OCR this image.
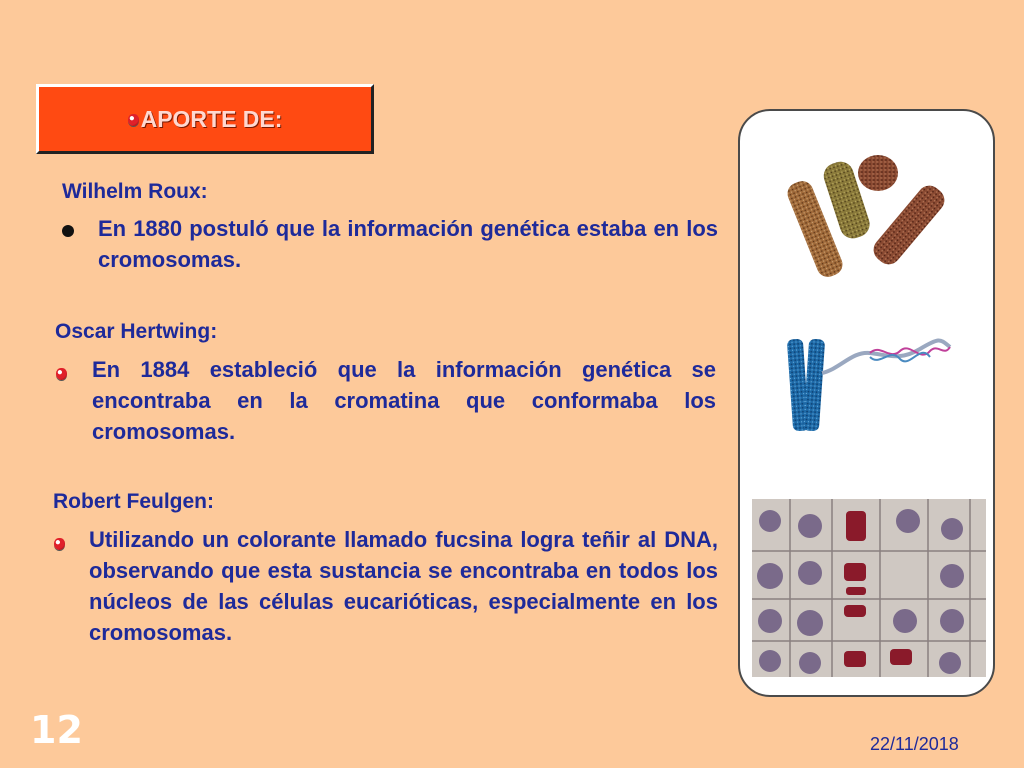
APORTE DE:
Wilhelm Roux:
En 1880 postuló que la información genética estaba en los cromosomas.
Oscar Hertwing:
En 1884 estableció que la información genética se encontraba en la cromatina que conformaba los cromosomas.
Robert Feulgen:
Utilizando un colorante llamado fucsina logra teñir al DNA, observando que esta sustancia se encontraba en todos los núcleos de las células eucarióticas, especialmente en los cromosomas.
12	22/11/2018
